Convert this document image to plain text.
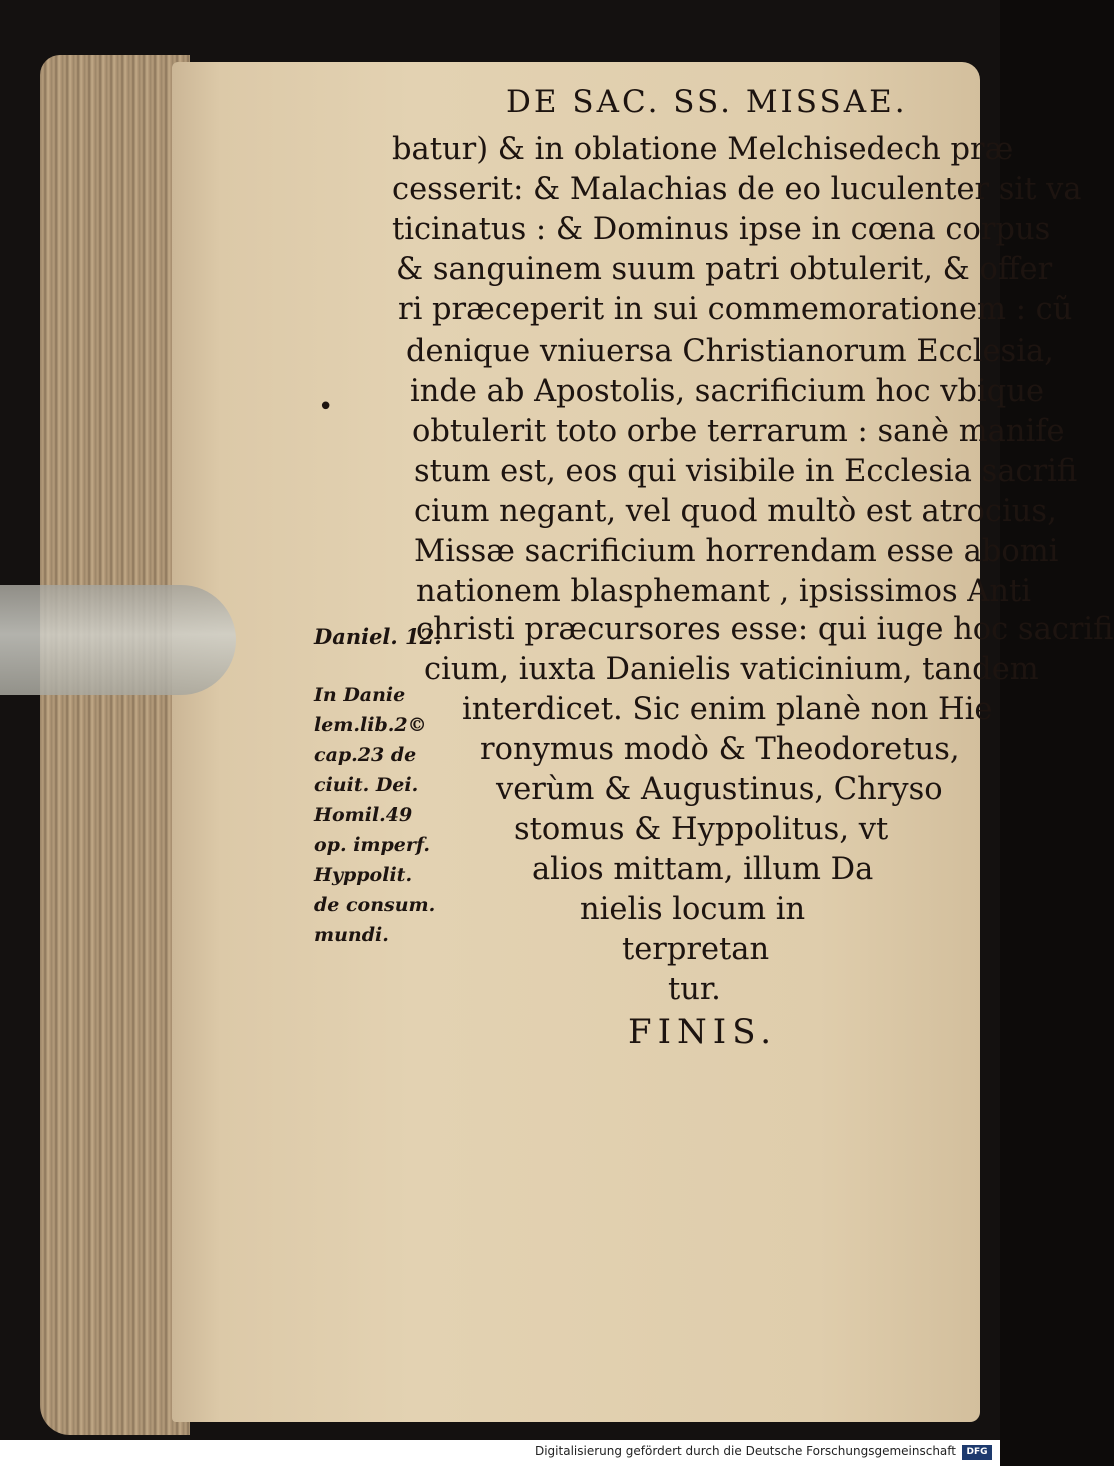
DE SAC. SS. MISSAE.
batur) & in oblatione Melchisedech præ
cesserit: & Malachias de eo luculenter sit va
ticinatus : & Dominus ipse in cœna corpus
& sanguinem suum patri obtulerit, & offer
ri præceperit in sui commemorationem : cũ
denique vniuersa Christianorum Ecclesia,
inde ab Apostolis, sacrificium hoc vbique
obtulerit toto orbe terrarum : sanè manife
stum est, eos qui visibile in Ecclesia sacrifi
cium negant, vel quod multò est atrocius,
Missæ sacrificium horrendam esse abomi
nationem blasphemant , ipsissimos Anti
christi præcursores esse: qui iuge hoc sacrifi
cium, iuxta Danielis vaticinium, tandem
interdicet. Sic enim planè non Hie
ronymus modò & Theodoretus,
verùm & Augustinus, Chryso
stomus & Hyppolitus, vt
alios mittam, illum Da
nielis locum in
terpretan
tur.
FINIS.
Daniel. 12.
In Danie
lem.lib.2©
cap.23 de
ciuit. Dei.
Homil.49
op. imperf.
Hyppolit.
de consum.
mundi.
•
Digitalisierung gefördert durch die Deutsche Forschungsgemeinschaft	DFG
